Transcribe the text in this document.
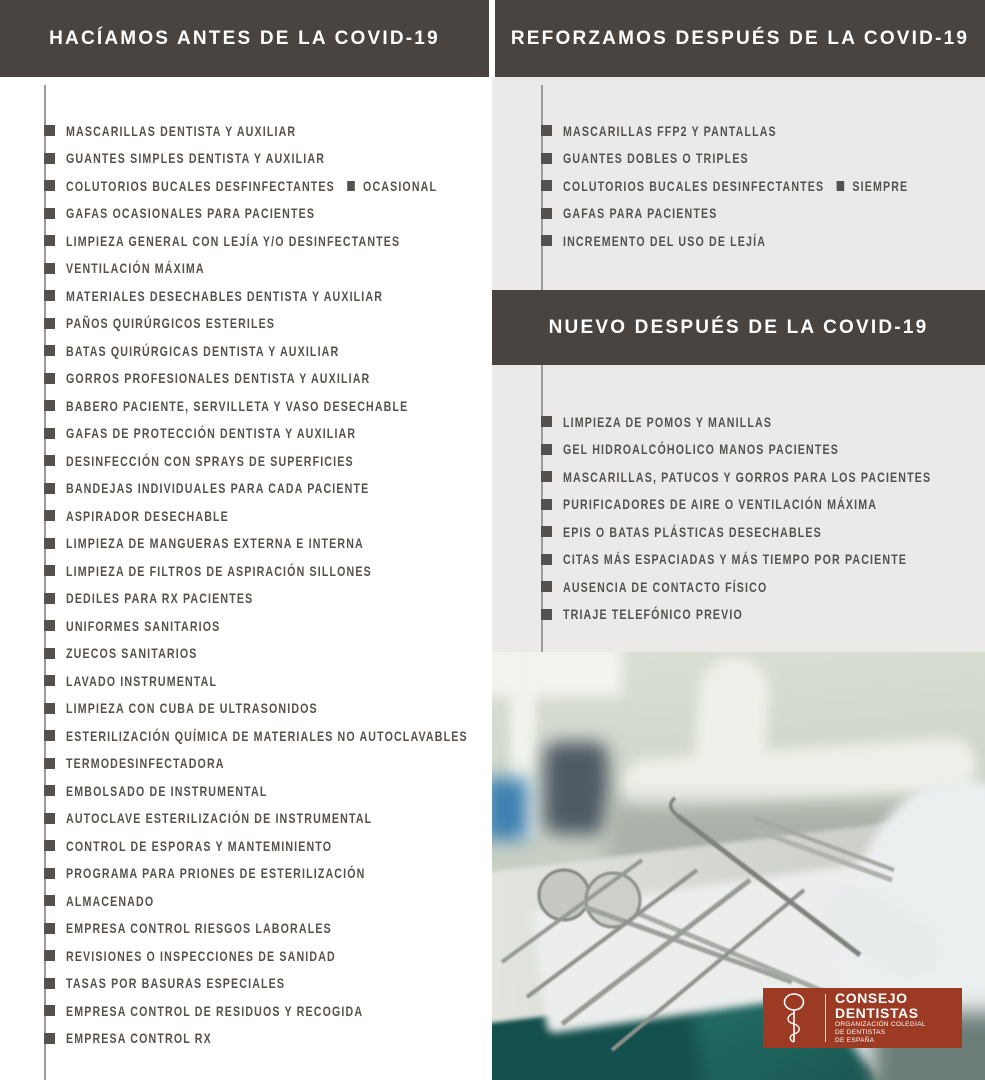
HACÍAMOS ANTES DE LA COVID-19	REFORZAMOS DESPUÉS DE LA COVID-19
MASCARILLAS DENTISTA Y AUXILIAR
GUANTES SIMPLES DENTISTA Y AUXILIAR
COLUTORIOS BUCALES DESFINFECTANTES OCASIONAL
GAFAS OCASIONALES PARA PACIENTES
LIMPIEZA GENERAL CON LEJÍA Y/O DESINFECTANTES
VENTILACIÓN MÁXIMA
MATERIALES DESECHABLES DENTISTA Y AUXILIAR
PAÑOS QUIRÚRGICOS ESTERILES
BATAS QUIRÚRGICAS DENTISTA Y AUXILIAR
GORROS PROFESIONALES DENTISTA Y AUXILIAR
BABERO PACIENTE, SERVILLETA Y VASO DESECHABLE
GAFAS DE PROTECCIÓN DENTISTA Y AUXILIAR
DESINFECCIÓN CON SPRAYS DE SUPERFICIES
BANDEJAS INDIVIDUALES PARA CADA PACIENTE
ASPIRADOR DESECHABLE
LIMPIEZA DE MANGUERAS EXTERNA E INTERNA
LIMPIEZA DE FILTROS DE ASPIRACIÓN SILLONES
DEDILES PARA RX PACIENTES
UNIFORMES SANITARIOS
ZUECOS SANITARIOS
LAVADO INSTRUMENTAL
LIMPIEZA CON CUBA DE ULTRASONIDOS
ESTERILIZACIÓN QUÍMICA DE MATERIALES NO AUTOCLAVABLES
TERMODESINFECTADORA
EMBOLSADO DE INSTRUMENTAL
AUTOCLAVE ESTERILIZACIÓN DE INSTRUMENTAL
CONTROL DE ESPORAS Y MANTEMINIENTO
PROGRAMA PARA PRIONES DE ESTERILIZACIÓN
ALMACENADO
EMPRESA CONTROL RIESGOS LABORALES
REVISIONES O INSPECCIONES DE SANIDAD
TASAS POR BASURAS ESPECIALES
EMPRESA CONTROL DE RESIDUOS Y RECOGIDA
EMPRESA CONTROL RX
MASCARILLAS FFP2 Y PANTALLAS
GUANTES DOBLES O TRIPLES
COLUTORIOS BUCALES DESINFECTANTES SIEMPRE
GAFAS PARA PACIENTES
INCREMENTO DEL USO DE LEJÍA
NUEVO DESPUÉS DE LA COVID-19
LIMPIEZA DE POMOS Y MANILLAS
GEL HIDROALCÓHOLICO MANOS PACIENTES
MASCARILLAS, PATUCOS Y GORROS PARA LOS PACIENTES
PURIFICADORES DE AIRE O VENTILACIÓN MÁXIMA
EPIS O BATAS PLÁSTICAS DESECHABLES
CITAS MÁS ESPACIADAS Y MÁS TIEMPO POR PACIENTE
AUSENCIA DE CONTACTO FÍSICO
TRIAJE TELEFÓNICO PREVIO
CONSEJO
DENTISTAS
ORGANIZACIÓN COLEGIAL
DE DENTISTAS
DE ESPAÑA
